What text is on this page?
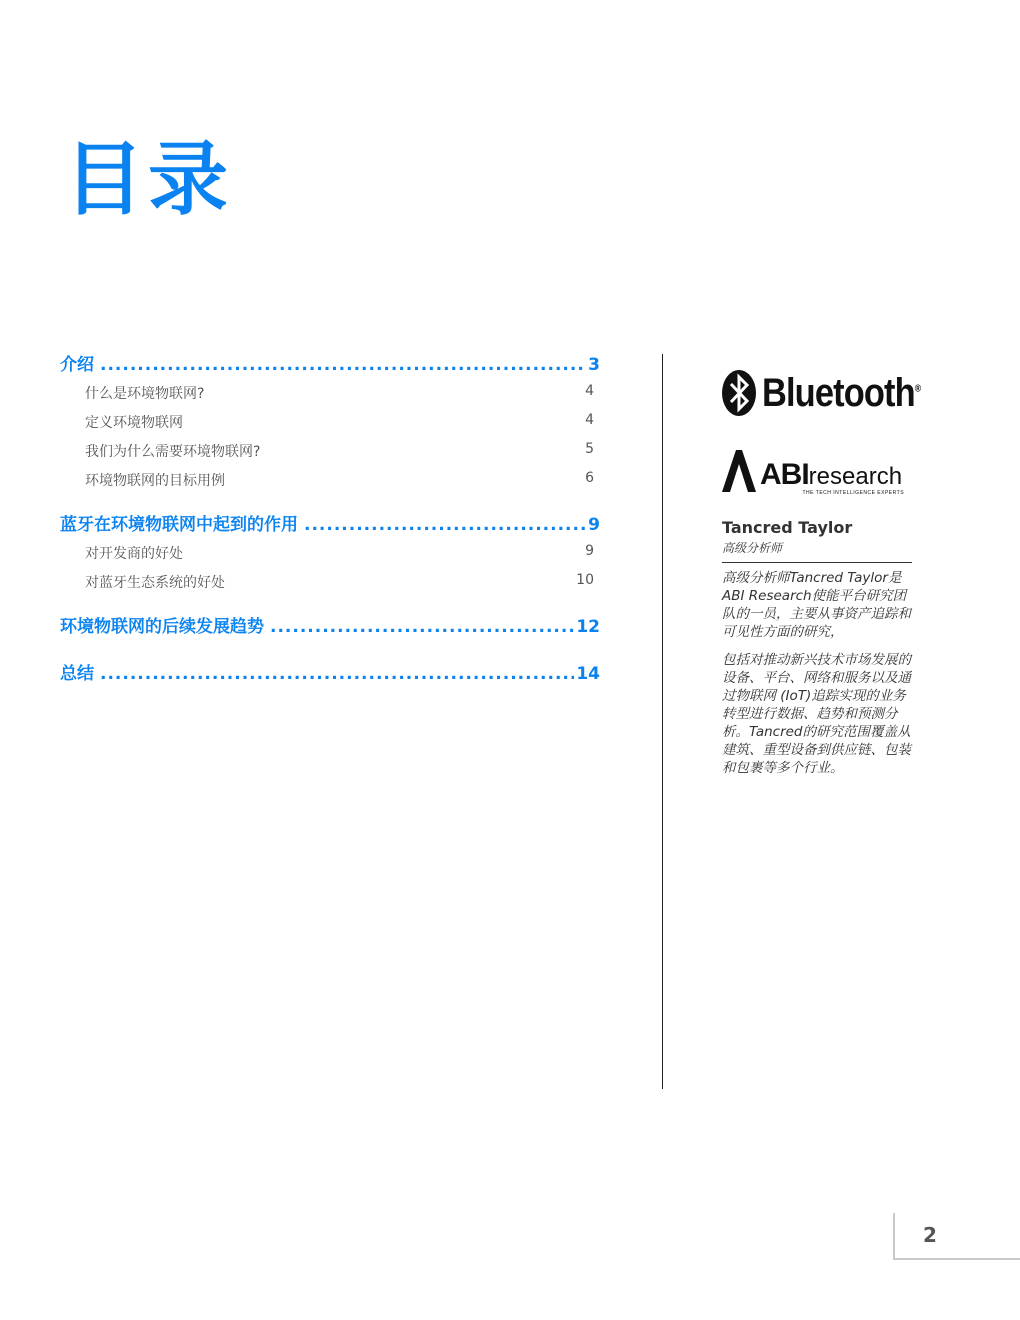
目录
介绍 .....	3
什么是环境物联网?	4
定义环境物联网	4
我们为什么需要环境物联网?	5
环境物联网的目标用例	6
蓝牙在环境物联网中起到的作用 .....	9
对开发商的好处	9
对蓝牙生态系统的好处	10
环境物联网的后续发展趋势 .....	12
总结 .....	14
Bluetooth®
ABIresearch
THE TECH INTELLIGENCE EXPERTS
Tancred Taylor
高级分析师
高级分析师Tancred Taylor是ABI Research使能平台研究团队的一员，主要从事资产追踪和可见性方面的研究，
包括对推动新兴技术市场发展的设备、平台、网络和服务以及通过物联网 (IoT)追踪实现的业务转型进行数据、趋势和预测分析。Tancred的研究范围覆盖从建筑、重型设备到供应链、包装和包裹等多个行业。
2
